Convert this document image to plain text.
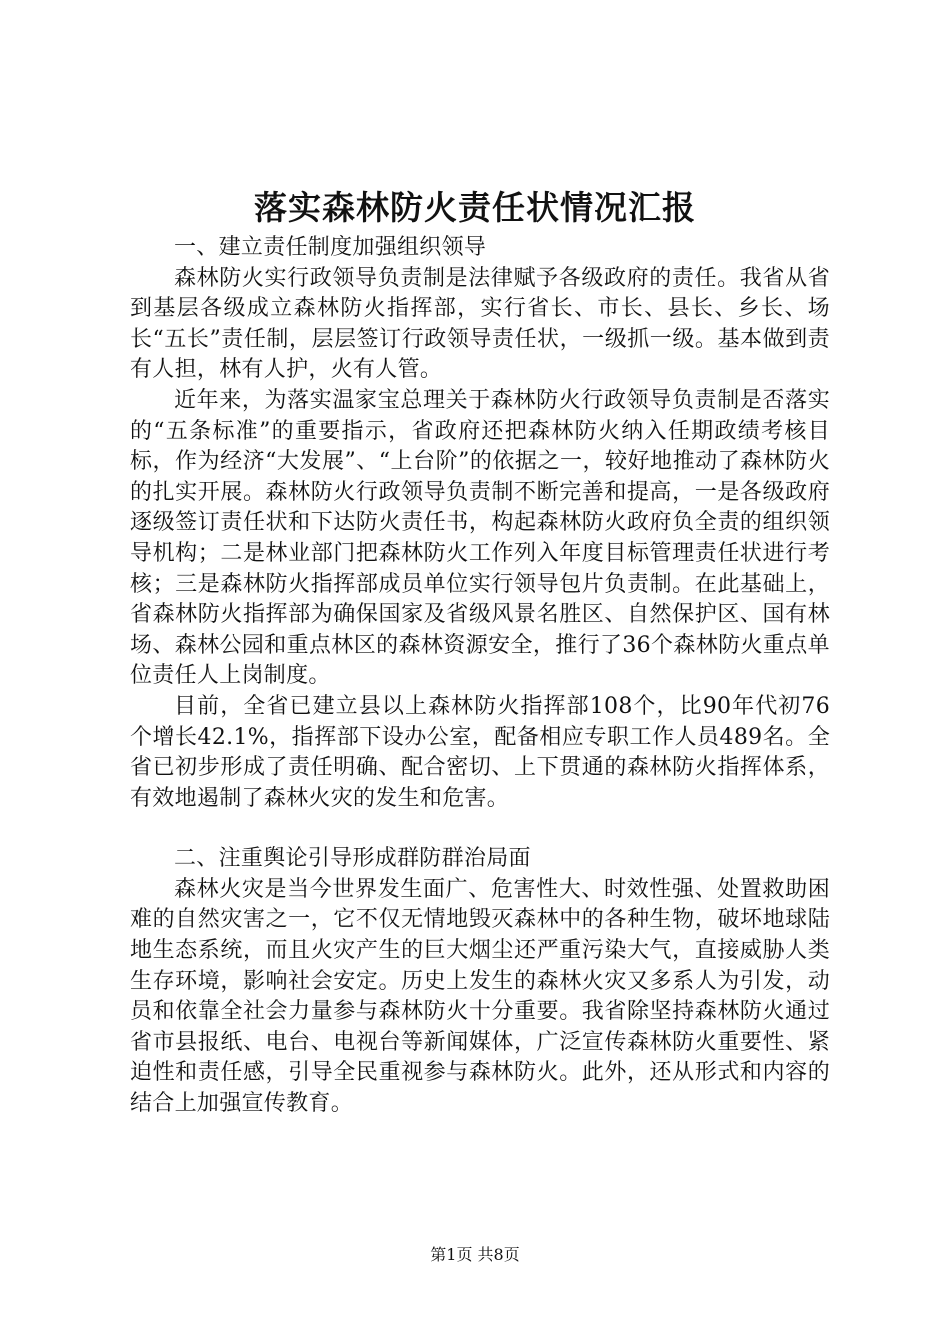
落实森林防火责任状情况汇报

一、建立责任制度加强组织领导

森林防火实行政领导负责制是法律赋予各级政府的责任。我省从省到基层各级成立森林防火指挥部，实行省长、市长、县长、乡长、场长“五长”责任制，层层签订行政领导责任状，一级抓一级。基本做到责有人担，林有人护，火有人管。

近年来，为落实温家宝总理关于森林防火行政领导负责制是否落实的“五条标准”的重要指示，省政府还把森林防火纳入任期政绩考核目标，作为经济“大发展”、“上台阶”的依据之一，较好地推动了森林防火的扎实开展。森林防火行政领导负责制不断完善和提高，一是各级政府逐级签订责任状和下达防火责任书，构起森林防火政府负全责的组织领导机构；二是林业部门把森林防火工作列入年度目标管理责任状进行考核；三是森林防火指挥部成员单位实行领导包片负责制。在此基础上，省森林防火指挥部为确保国家及省级风景名胜区、自然保护区、国有林场、森林公园和重点林区的森林资源安全，推行了36个森林防火重点单位责任人上岗制度。

目前，全省已建立县以上森林防火指挥部108个，比90年代初76个增长42.1%，指挥部下设办公室，配备相应专职工作人员489名。全省已初步形成了责任明确、配合密切、上下贯通的森林防火指挥体系，有效地遏制了森林火灾的发生和危害。

二、注重舆论引导形成群防群治局面

森林火灾是当今世界发生面广、危害性大、时效性强、处置救助困难的自然灾害之一，它不仅无情地毁灭森林中的各种生物，破坏地球陆地生态系统，而且火灾产生的巨大烟尘还严重污染大气，直接威胁人类生存环境，影响社会安定。历史上发生的森林火灾又多系人为引发，动员和依靠全社会力量参与森林防火十分重要。我省除坚持森林防火通过省市县报纸、电台、电视台等新闻媒体，广泛宣传森林防火重要性、紧迫性和责任感，引导全民重视参与森林防火。此外，还从形式和内容的结合上加强宣传教育。

第1页 共8页
